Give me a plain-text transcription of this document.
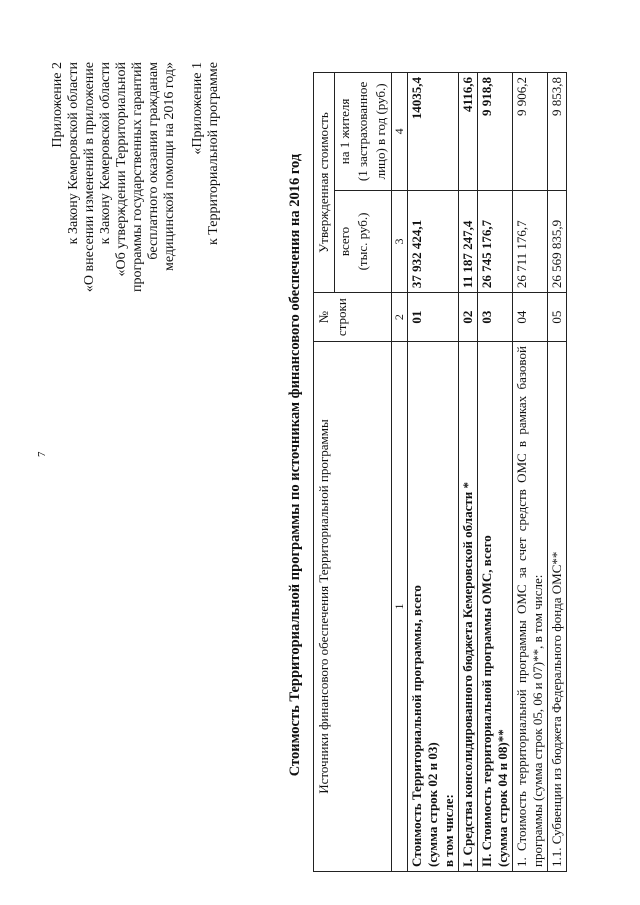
7
Приложение 2 к Закону Кемеровской области «О внесении изменений в приложение к Закону Кемеровской области «Об утверждении Территориальной программы государственных гарантий бесплатного оказания гражданам медицинской помощи на 2016 год» «Приложение 1 к Территориальной программе
Стоимость Территориальной программы по источникам финансового обеспечения на 2016 год Источники финансового обеспечения Территориальной программы	№ строки	Утвержденная стоимость	
		всего (тыс. руб.)	на 1 жителя (1 застрахованное лицо) в год (руб.)
1	2	3	4
Стоимость Территориальной программы, всего
(сумма строк 02 и 03)
в том числе:	01	37 932 424,1	14035,4
I. Средства консолидированного бюджета Кемеровской области *	02	11 187 247,4	4116,6
II. Стоимость территориальной программы ОМС, всего
(сумма строк 04 и 08)**	03	26 745 176,7	9 918,8
1. Стоимость территориальной программы ОМС за счет средств ОМС в рамках базовой программы (сумма строк 05, 06 и 07)**, в том числе:	04	26 711 176,7	9 906,2
1.1. Субвенции из бюджета Федерального фонда ОМС**	05	26 569 835,9	9 853,8
